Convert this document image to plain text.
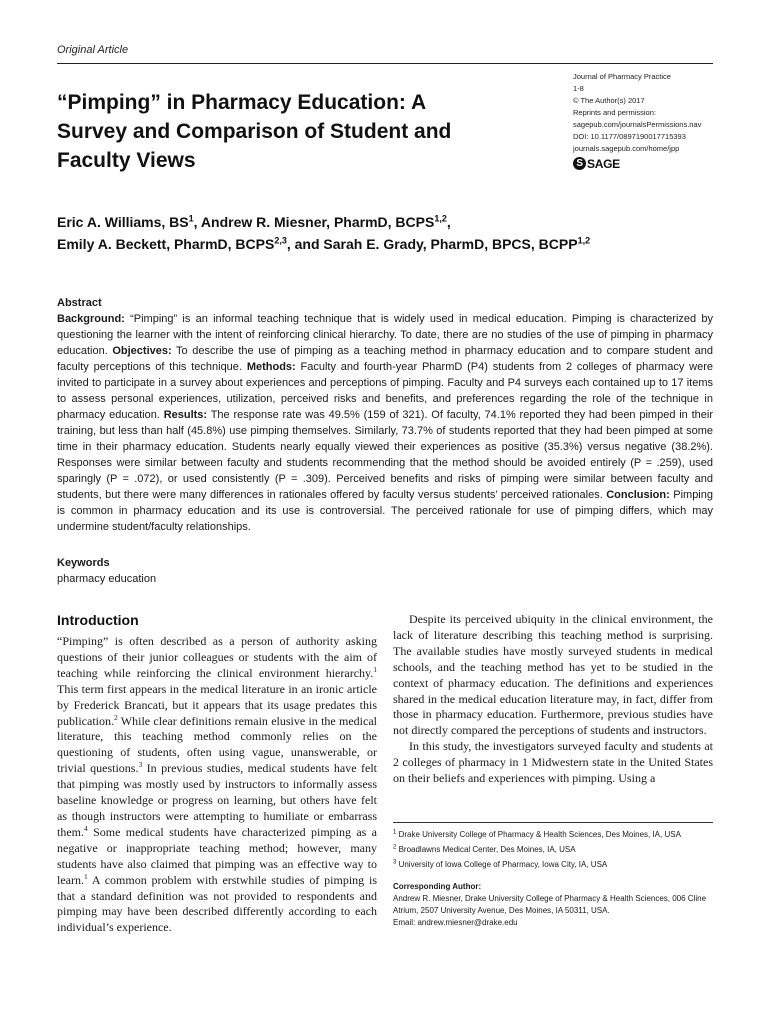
Original Article
“Pimping” in Pharmacy Education: A Survey and Comparison of Student and Faculty Views
Journal of Pharmacy Practice
1-8
© The Author(s) 2017
Reprints and permission:
sagepub.com/journalsPermissions.nav
DOI: 10.1177/0897190017715393
journals.sagepub.com/home/jpp
S SAGE
Eric A. Williams, $BS^1$, Andrew R. Miesner, PharmD, BCPS$^{1,2}$,
Emily A. Beckett, PharmD, BCPS$^{2,3}$, and Sarah E. Grady, PharmD, BPCS, BCPP$^{1,2}$
Abstract

Background: “Pimping” is an informal teaching technique that is widely used in medical education. Pimping is characterized by questioning the learner with the intent of reinforcing clinical hierarchy. To date, there are no studies of the use of pimping in pharmacy education. Objectives: To describe the use of pimping as a teaching method in pharmacy education and to compare student and faculty perceptions of this technique. Methods: Faculty and fourth-year PharmD (P4) students from 2 colleges of pharmacy were invited to participate in a survey about experiences and perceptions of pimping. Faculty and P4 surveys each contained up to 17 items to assess personal experiences, utilization, perceived risks and benefits, and preferences regarding the role of the technique in pharmacy education. Results: The response rate was 49.5% (159 of 321). Of faculty, 74.1% reported they had been pimped in their training, but less than half (45.8%) use pimping themselves. Similarly, 73.7% of students reported that they had been pimped at some time in their pharmacy education. Students nearly equally viewed their experiences as positive (35.3%) versus negative (38.2%). Responses were similar between faculty and students recommending that the method should be avoided entirely (P = .259), used sparingly (P = .072), or used consistently (P = .309). Perceived benefits and risks of pimping were similar between faculty and students, but there were many differences in rationales offered by faculty versus students’ perceived rationales. Conclusion: Pimping is common in pharmacy education and its use is controversial. The perceived rationale for use of pimping differs, which may undermine student/faculty relationships.

Keywords
pharmacy education
Introduction

“Pimping” is often described as a person of authority asking questions of their junior colleagues or students with the aim of teaching while reinforcing the clinical environment hierarchy.$^1$ This term first appears in the medical literature in an ironic article by Frederick Brancati, but it appears that its usage predates this publication.$^2$ While clear definitions remain elusive in the medical literature, this teaching method commonly relies on the questioning of students, often using vague, unanswerable, or trivial questions.$^3$ In previous studies, medical students have felt that pimping was mostly used by instructors to informally assess baseline knowledge or progress on learning, but others have felt as though instructors were attempting to humiliate or embarrass them.$^4$ Some medical students have characterized pimping as a negative or inappropriate teaching method; however, many students have also claimed that pimping was an effective way to learn.$^1$ A common problem with erstwhile studies of pimping is that a standard definition was not provided to respondents and pimping may have been described differently according to each individual’s experience.

Despite its perceived ubiquity in the clinical environment, the lack of literature describing this teaching method is surprising. The available studies have mostly surveyed students in medical schools, and the teaching method has yet to be studied in the context of pharmacy education. The definitions and experiences shared in the medical education literature may, in fact, differ from those in pharmacy education. Furthermore, previous studies have not directly compared the perceptions of students and instructors.

In this study, the investigators surveyed faculty and students at 2 colleges of pharmacy in 1 Midwestern state in the United States on their beliefs and experiences with pimping. Using a

$^1$ Drake University College of Pharmacy & Health Sciences, Des Moines, IA, USA
$^2$ Broadlawns Medical Center, Des Moines, IA, USA
$^3$ University of Iowa College of Pharmacy, Iowa City, IA, USA
Corresponding Author:
Andrew R. Miesner, Drake University College of Pharmacy & Health Sciences, 006 Cline Atrium, 2507 University Avenue, Des Moines, IA 50311, USA.
Email: andrew.miesner@drake.edu
